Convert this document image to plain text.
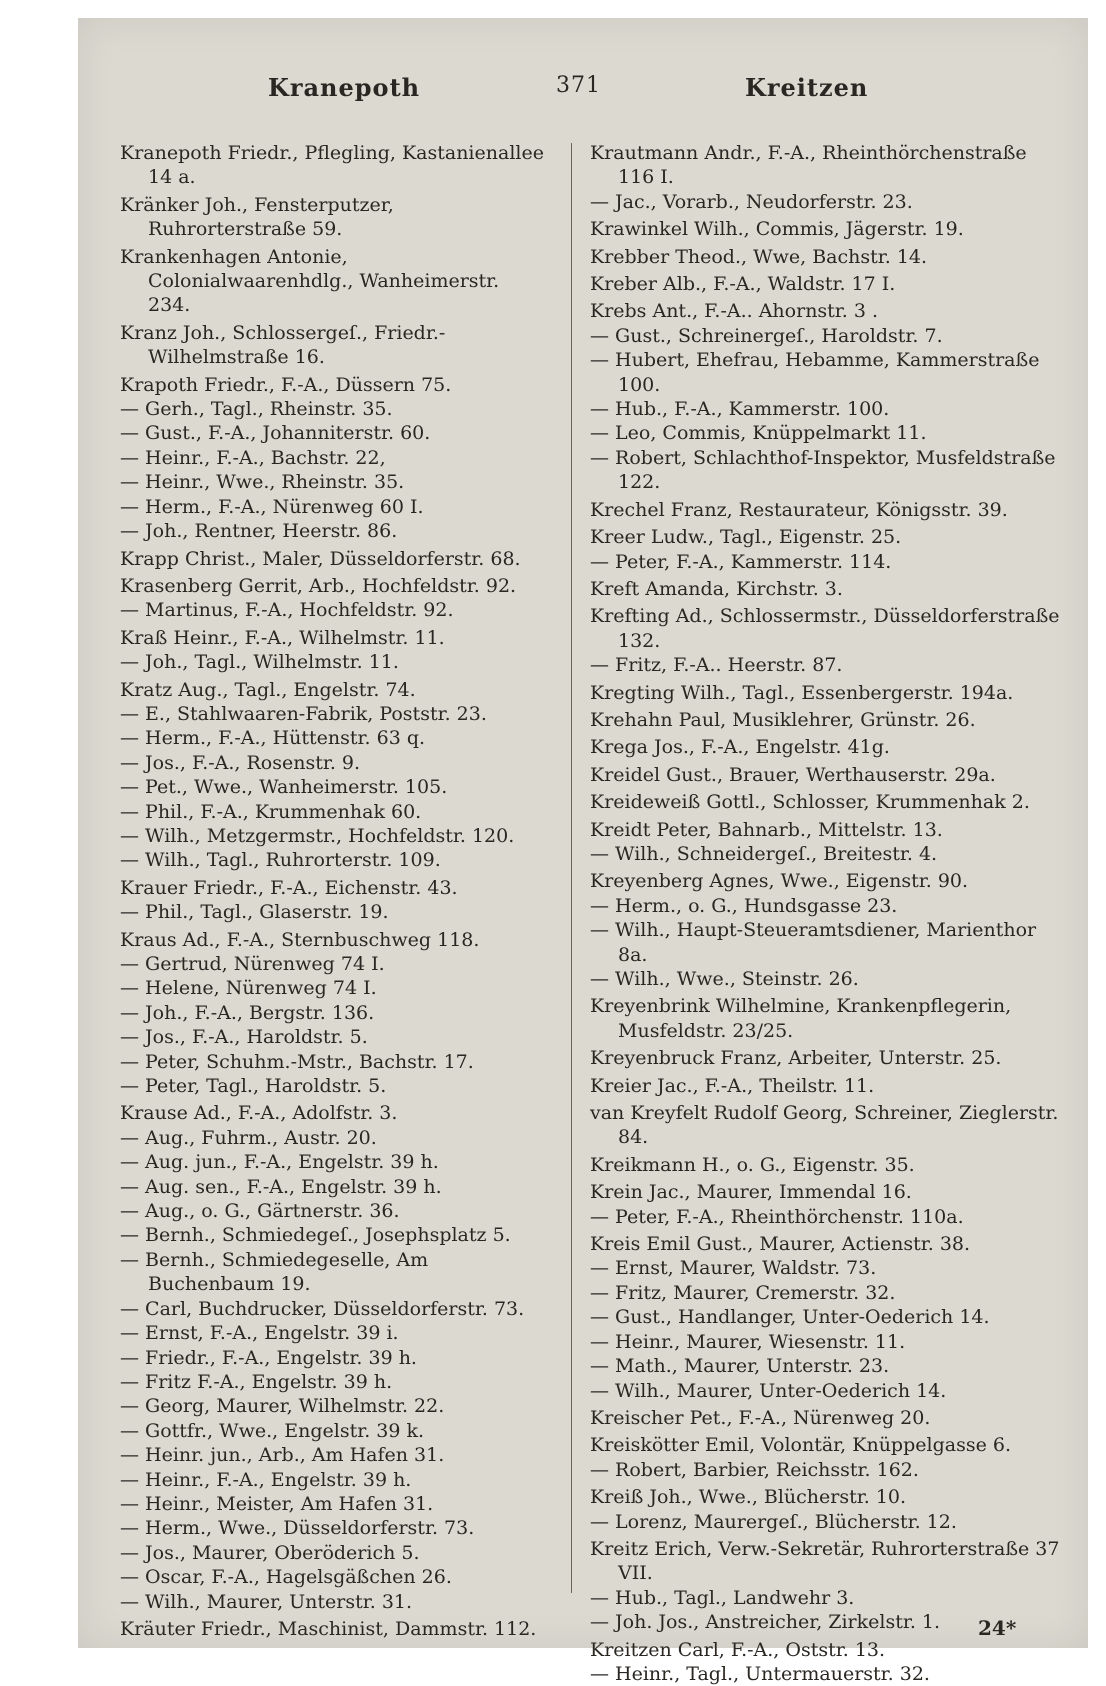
Kranepoth	371	Kreitzen
Kranepoth Friedr., Pflegling, Kastanienallee 14 a.
Kränker Joh., Fensterputzer, Ruhrorterstraße 59.
Krankenhagen Antonie, Colonialwaarenhdlg., Wanheimerstr. 234.
Kranz Joh., Schlossergeſ., Friedr.-Wilhelmstraße 16.
Krapoth Friedr., F.-A., Düssern 75.
— Gerh., Tagl., Rheinstr. 35.
— Gust., F.-A., Johanniterstr. 60.
— Heinr., F.-A., Bachstr. 22,
— Heinr., Wwe., Rheinstr. 35.
— Herm., F.-A., Nürenweg 60 I.
— Joh., Rentner, Heerstr. 86.
Krapp Christ., Maler, Düsseldorferstr. 68.
Krasenberg Gerrit, Arb., Hochfeldstr. 92.
— Martinus, F.-A., Hochfeldstr. 92.
Kraß Heinr., F.-A., Wilhelmstr. 11.
— Joh., Tagl., Wilhelmstr. 11.
Kratz Aug., Tagl., Engelstr. 74.
— E., Stahlwaaren-Fabrik, Poststr. 23.
— Herm., F.-A., Hüttenstr. 63 q.
— Jos., F.-A., Rosenstr. 9.
— Pet., Wwe., Wanheimerstr. 105.
— Phil., F.-A., Krummenhak 60.
— Wilh., Metzgermstr., Hochfeldstr. 120.
— Wilh., Tagl., Ruhrorterstr. 109.
Krauer Friedr., F.-A., Eichenstr. 43.
— Phil., Tagl., Glaserstr. 19.
Kraus Ad., F.-A., Sternbuschweg 118.
— Gertrud, Nürenweg 74 I.
— Helene, Nürenweg 74 I.
— Joh., F.-A., Bergstr. 136.
— Jos., F.-A., Haroldstr. 5.
— Peter, Schuhm.-Mstr., Bachstr. 17.
— Peter, Tagl., Haroldstr. 5.
Krause Ad., F.-A., Adolfstr. 3.
— Aug., Fuhrm., Austr. 20.
— Aug. jun., F.-A., Engelstr. 39 h.
— Aug. sen., F.-A., Engelstr. 39 h.
— Aug., o. G., Gärtnerstr. 36.
— Bernh., Schmiedegeſ., Josephsplatz 5.
— Bernh., Schmiedegeselle, Am Buchenbaum 19.
— Carl, Buchdrucker, Düsseldorferstr. 73.
— Ernst, F.-A., Engelstr. 39 i.
— Friedr., F.-A., Engelstr. 39 h.
— Fritz F.-A., Engelstr. 39 h.
— Georg, Maurer, Wilhelmstr. 22.
— Gottfr., Wwe., Engelstr. 39 k.
— Heinr. jun., Arb., Am Hafen 31.
— Heinr., F.-A., Engelstr. 39 h.
— Heinr., Meister, Am Hafen 31.
— Herm., Wwe., Düsseldorferstr. 73.
— Jos., Maurer, Oberöderich 5.
— Oscar, F.-A., Hagelsgäßchen 26.
— Wilh., Maurer, Unterstr. 31.
Kräuter Friedr., Maschinist, Dammstr. 112.
Krautmann Andr., F.-A., Rheinthörchenstraße 116 I.
— Jac., Vorarb., Neudorferstr. 23.
Krawinkel Wilh., Commis, Jägerstr. 19.
Krebber Theod., Wwe, Bachstr. 14.
Kreber Alb., F.-A., Waldstr. 17 I.
Krebs Ant., F.-A.. Ahornstr. 3 .
— Gust., Schreinergeſ., Haroldstr. 7.
— Hubert, Ehefrau, Hebamme, Kammerstraße 100.
— Hub., F.-A., Kammerstr. 100.
— Leo, Commis, Knüppelmarkt 11.
— Robert, Schlachthof-Inspektor, Musfeldstraße 122.
Krechel Franz, Restaurateur, Königsstr. 39.
Kreer Ludw., Tagl., Eigenstr. 25.
— Peter, F.-A., Kammerstr. 114.
Kreft Amanda, Kirchstr. 3.
Krefting Ad., Schlossermstr., Düsseldorferstraße 132.
— Fritz, F.-A.. Heerstr. 87.
Kregting Wilh., Tagl., Essenbergerstr. 194a.
Krehahn Paul, Musiklehrer, Grünstr. 26.
Krega Jos., F.-A., Engelstr. 41g.
Kreidel Gust., Brauer, Werthauserstr. 29a.
Kreideweiß Gottl., Schlosser, Krummenhak 2.
Kreidt Peter, Bahnarb., Mittelstr. 13.
— Wilh., Schneidergeſ., Breitestr. 4.
Kreyenberg Agnes, Wwe., Eigenstr. 90.
— Herm., o. G., Hundsgasse 23.
— Wilh., Haupt-Steueramtsdiener, Marienthor 8a.
— Wilh., Wwe., Steinstr. 26.
Kreyenbrink Wilhelmine, Krankenpflegerin, Musfeldstr. 23/25.
Kreyenbruck Franz, Arbeiter, Unterstr. 25.
Kreier Jac., F.-A., Theilstr. 11.
van Kreyfelt Rudolf Georg, Schreiner, Zieglerstr. 84.
Kreikmann H., o. G., Eigenstr. 35.
Krein Jac., Maurer, Immendal 16.
— Peter, F.-A., Rheinthörchenstr. 110a.
Kreis Emil Gust., Maurer, Actienstr. 38.
— Ernst, Maurer, Waldstr. 73.
— Fritz, Maurer, Cremerstr. 32.
— Gust., Handlanger, Unter-Oederich 14.
— Heinr., Maurer, Wiesenstr. 11.
— Math., Maurer, Unterstr. 23.
— Wilh., Maurer, Unter-Oederich 14.
Kreischer Pet., F.-A., Nürenweg 20.
Kreiskötter Emil, Volontär, Knüppelgasse 6.
— Robert, Barbier, Reichsstr. 162.
Kreiß Joh., Wwe., Blücherstr. 10.
— Lorenz, Maurergeſ., Blücherstr. 12.
Kreitz Erich, Verw.-Sekretär, Ruhrorterstraße 37 VII.
— Hub., Tagl., Landwehr 3.
— Joh. Jos., Anstreicher, Zirkelstr. 1.
Kreitzen Carl, F.-A., Oststr. 13.
— Heinr., Tagl., Untermauerstr. 32.
24*
